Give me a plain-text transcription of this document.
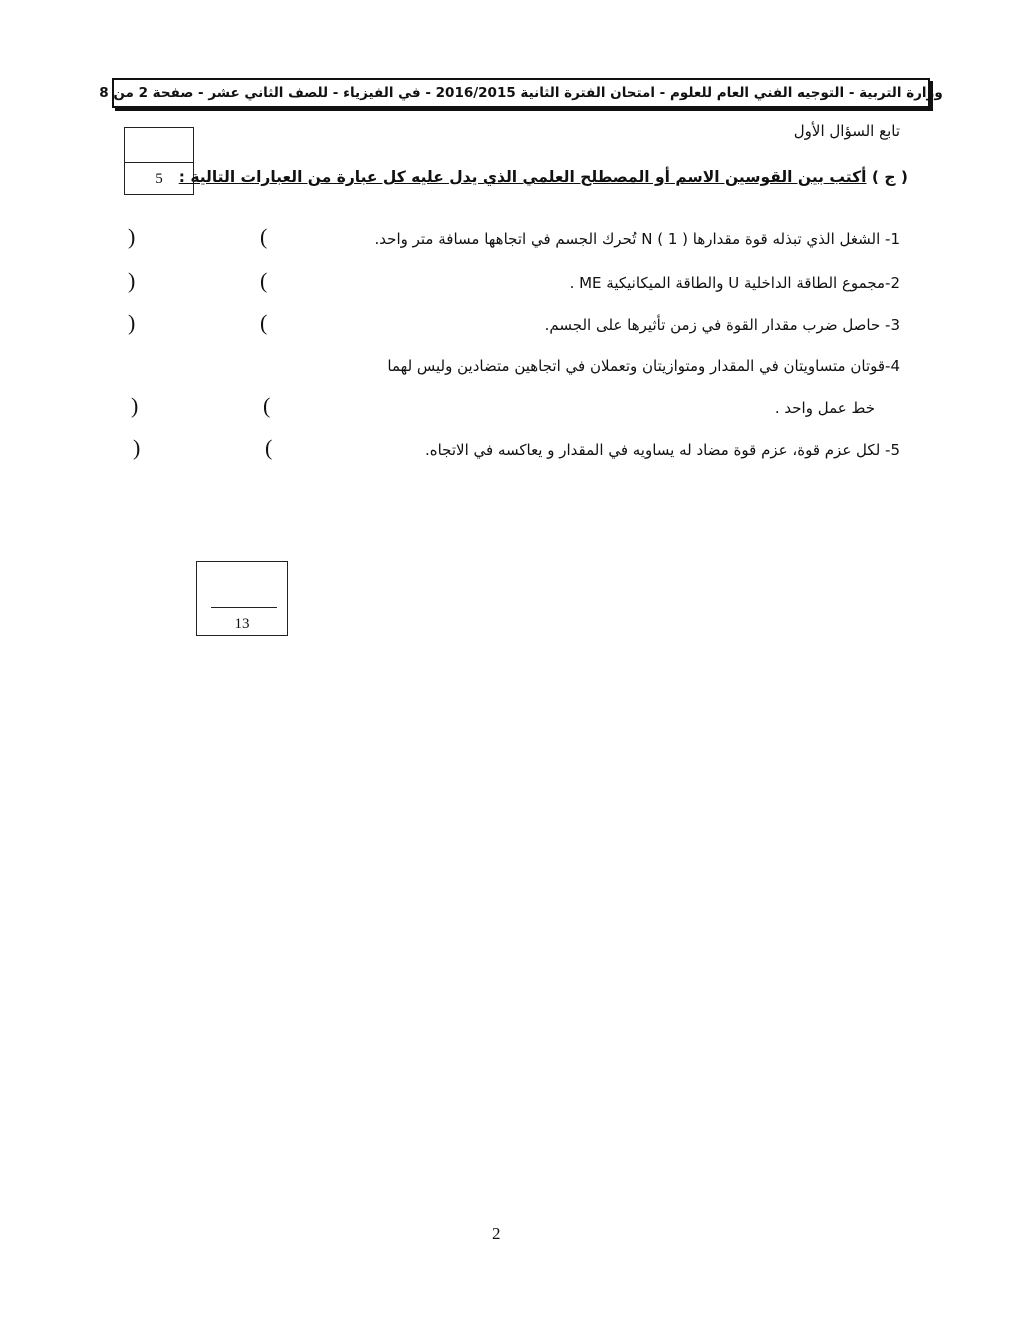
وزارة التربية - التوجيه الفني العام للعلوم - امتحان الفترة الثانية 2016/2015 - في الفيزياء - للصف الثاني عشر - صفحة 2 من 8
5
تابع السؤال الأول
( ج ) أكتب بين القوسين الاسم أو المصطلح العلمي الذي يدل عليه كل عبارة من العبارات التالية :
1- الشغل الذي تبذله قوة مقدارها N ( 1 ) تُحرك الجسم في اتجاهها مسافة متر واحد.
(
)
2-مجموع الطاقة الداخلية U والطاقة الميكانيكية ME .
(
)
3- حاصل ضرب مقدار القوة في زمن تأثيرها على الجسم.
(
)
4-قوتان متساويتان في المقدار ومتوازيتان وتعملان في اتجاهين متضادين وليس لهما
خط عمل واحد .
(
)
5- لكل عزم قوة، عزم قوة مضاد له يساويه في المقدار و يعاكسه في الاتجاه.
(
)
13
2
